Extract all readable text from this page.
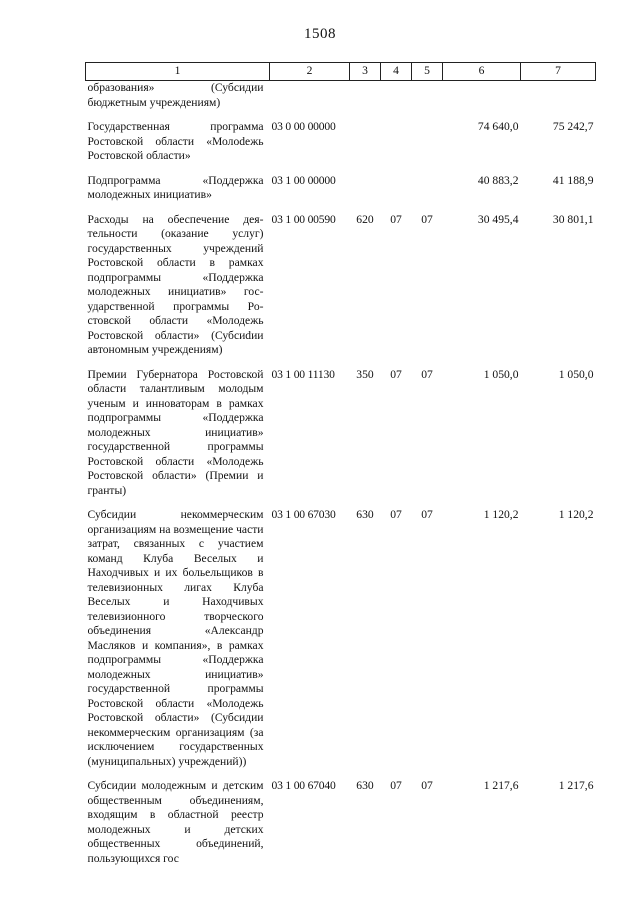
1508
1	2	3	4	5	6	7
образования»        (Субсидии бюджетным учреждениям)						
Государственная программа Ростовской области «Молоdежь Ростовской области»	03 0 00 00000				74 640,0	75 242,7
Подпрограмма «Поддержка молодежных инициатив»	03 1 00 00000				40 883,2	41 188,9
Расходы на обеспечение деятельности (оказание услуг) государственных учреждений Ростовской области в рамках подпрограммы «Поддержка молодежных инициатив» государственной программы Ростовской области «Молодежь Ростовской области» (Субсиdии автономным учреждениям)	03 1 00 00590	620	07	07	30 495,4	30 801,1
Премии Губернатора Ростовской области талантливым молодым ученым и инноваторам в рамках подпрограммы «Поддержка молодежных инициатив» государственной программы Ростовской области «Молодежь Ростовской области» (Премии и гранты)	03 1 00 11130	350	07	07	1 050,0	1 050,0
Субсидии некоммерческим организациям на возмещение части затрат, связанных с участием команд Клуба Веселых и Находчивых и их больельщиков в телевизионных лигах Клуба Веселых и Находчивых телевизионного творческого объединения «Александр Масляков и компания», в рамках подпрограммы «Поддержка молодежных инициатив» государственной программы Ростовской области «Молодежь Ростовской области» (Субсидии некоммерческим организациям (за исключением государственных (муниципальных) учреждений))	03 1 00 67030	630	07	07	1 120,2	1 120,2
Субсидии молодежным и детским общественным объединениям, входящим в областной реестр молодежных и детских общественных объединений, пользующихся гос	03 1 00 67040	630	07	07	1 217,6	1 217,6
